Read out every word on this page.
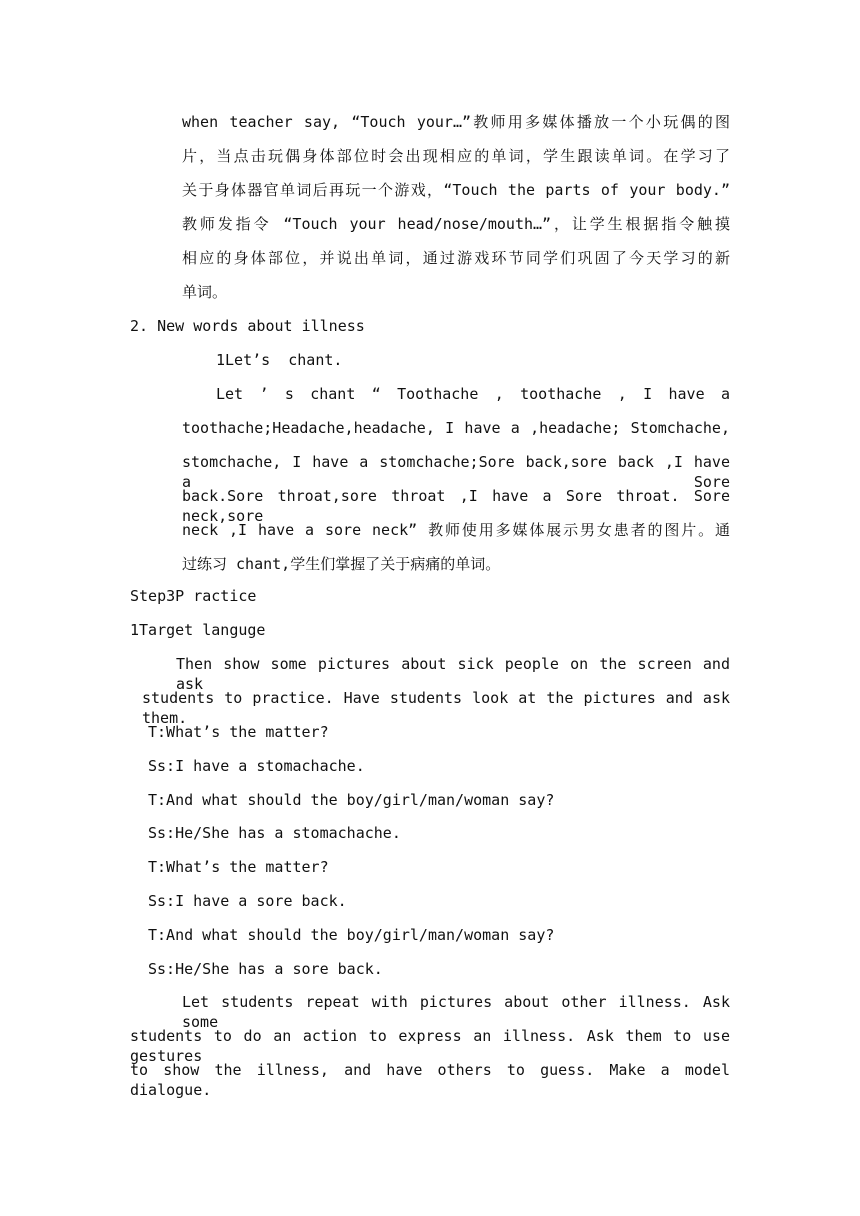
when teacher say, “Touch your…”教师用多媒体播放一个小玩偶的图
片，当点击玩偶身体部位时会出现相应的单词，学生跟读单词。在学习了
关于身体器官单词后再玩一个游戏，“Touch the parts of your body.”
教师发指令 “Touch your head/nose/mouth…”，让学生根据指令触摸
相应的身体部位，并说出单词，通过游戏环节同学们巩固了今天学习的新
单词。
2. New words about illness
1Let’s  chant.
Let ’ s chant “ Toothache , toothache , I have a
toothache;Headache,headache, I have a ,headache; Stomchache,
stomchache, I have a stomchache;Sore back,sore back ,I have a Sore
back.Sore throat,sore throat ,I have a Sore throat. Sore neck,sore
neck ,I have a sore neck” 教师使用多媒体展示男女患者的图片。通
过练习 chant,学生们掌握了关于病痛的单词。
Step3P ractice
1Target languge
Then show some pictures about sick people on the screen and ask
students to practice. Have students look at the pictures and ask them.
T:What’s the matter?
Ss:I have a stomachache.
T:And what should the boy/girl/man/woman say?
Ss:He/She has a stomachache.
T:What’s the matter?
Ss:I have a sore back.
T:And what should the boy/girl/man/woman say?
Ss:He/She has a sore back.
Let students repeat with pictures about other illness. Ask some
students to do an action to express an illness. Ask them to use gestures
to show the illness, and have others to guess. Make a model dialogue.
